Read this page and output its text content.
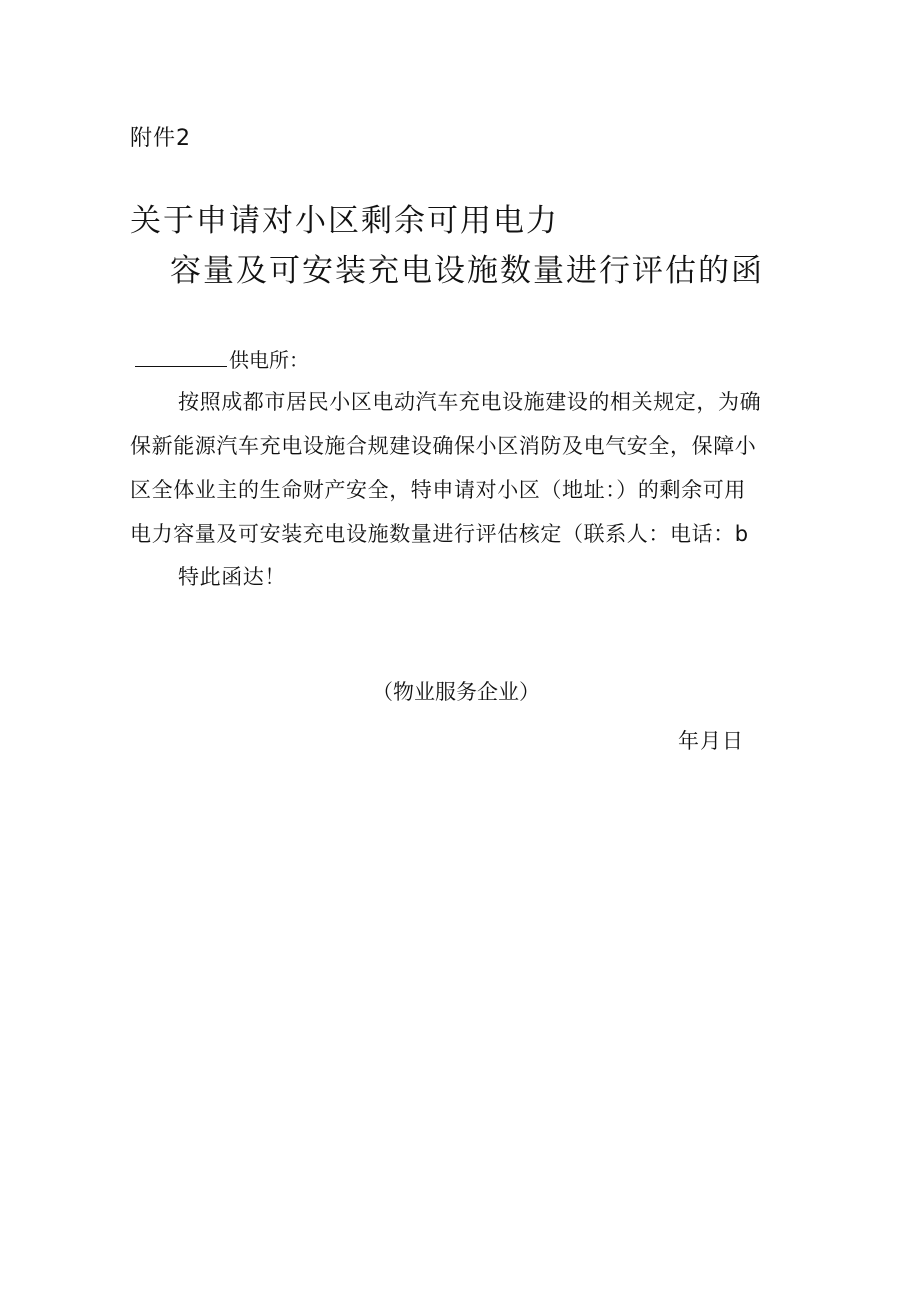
附件2
关于申请对小区剩余可用电力
容量及可安装充电设施数量进行评估的函
供电所：
按照成都市居民小区电动汽车充电设施建设的相关规定，为确
保新能源汽车充电设施合规建设确保小区消防及电气安全，保障小
区全体业主的生命财产安全，特申请对小区（地址：）的剩余可用
电力容量及可安装充电设施数量进行评估核定（联系人：电话：b
特此函达！
（物业服务企业）
年月日
